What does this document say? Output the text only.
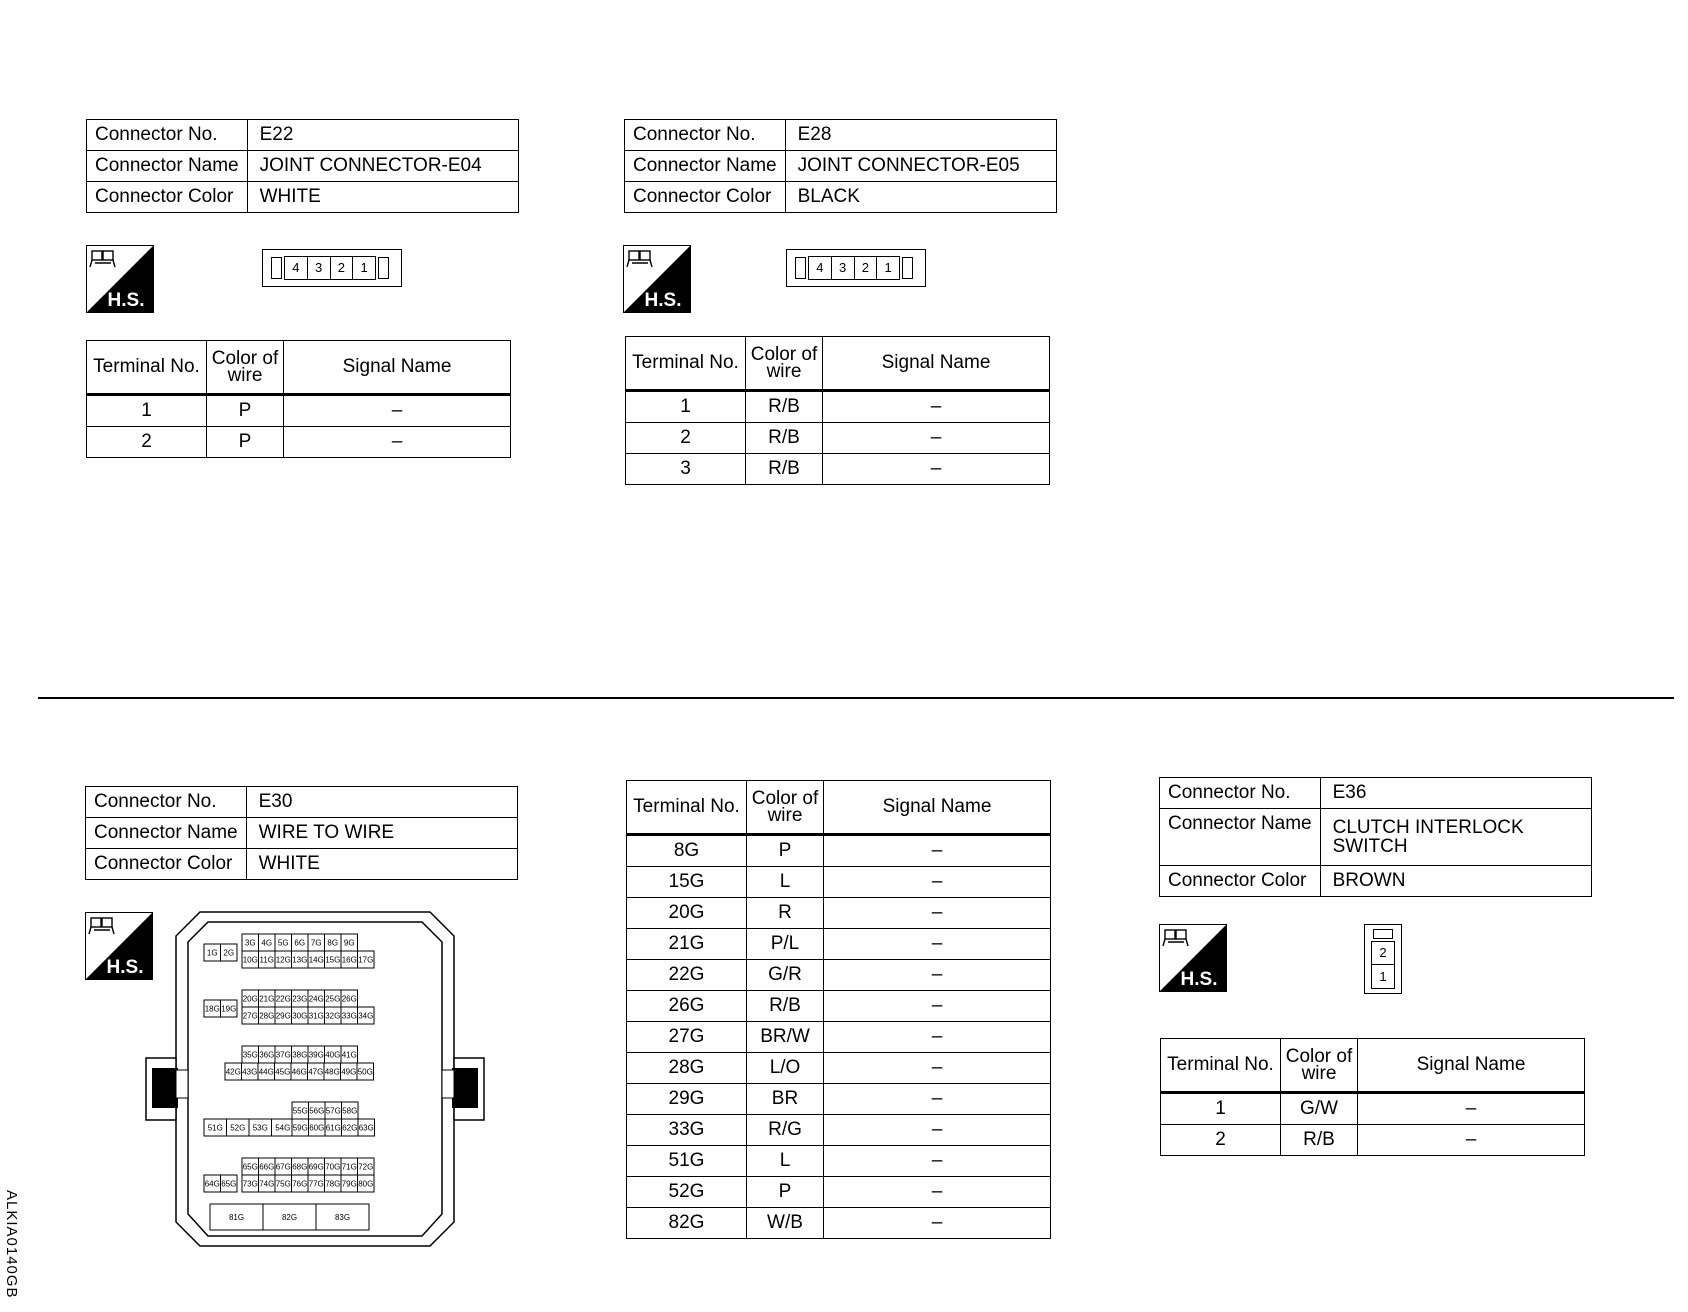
Connector No.	E22
Connector Name	JOINT CONNECTOR-E04
Connector Color	WHITE
H.S.
4	3	2	1
Terminal No.	Color of wire	Signal Name
1	P	–
2	P	–
Connector No.	E28
Connector Name	JOINT CONNECTOR-E05
Connector Color	BLACK
H.S.
4	3	2	1
Terminal No.	Color of wire	Signal Name
1	R/B	–
2	R/B	–
3	R/B	–
Connector No.	E30
Connector Name	WIRE TO WIRE
Connector Color	WHITE
H.S.
1G 2G
3G 4G 5G 6G 7G 8G 9G
10G 11G 12G 13G 14G 15G 16G 17G
18G 19G
20G 21G 22G 23G 24G 25G 26G
27G 28G 29G 30G 31G 32G 33G 34G
35G 36G 37G 38G 39G 40G 41G
42G 43G 44G 45G 46G 47G 48G 49G 50G
55G 56G 57G 58G
51G 52G 53G 54G 59G 60G 61G 62G 63G
65G 66G 67G 68G 69G 70G 71G 72G
64G 65G 73G 74G 75G 76G 77G 78G 79G 80G
81G	82G	83G
Terminal No.	Color of wire	Signal Name
8G	P	–
15G	L	–
20G	R	–
21G	P/L	–
22G	G/R	–
26G	R/B	–
27G	BR/W	–
28G	L/O	–
29G	BR	–
33G	R/G	–
51G	L	–
52G	P	–
82G	W/B	–
Connector No.	E36
Connector Name	CLUTCH INTERLOCK SWITCH
Connector Color	BROWN
H.S.
2
1
Terminal No.	Color of wire	Signal Name
1	G/W	–
2	R/B	–
ALKIA0140GB
